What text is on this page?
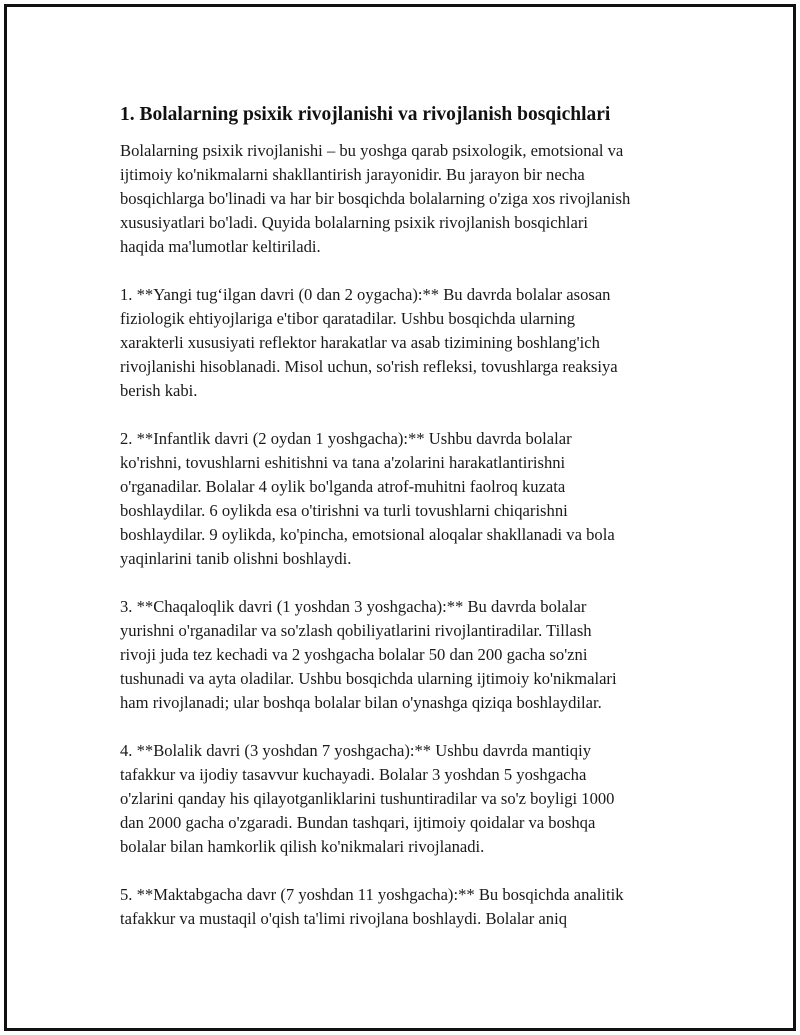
1. Bolalarning psixik rivojlanishi va rivojlanish bosqichlari

Bolalarning psixik rivojlanishi – bu yoshga qarab psixologik, emotsional va
ijtimoiy ko'nikmalarni shakllantirish jarayonidir. Bu jarayon bir necha
bosqichlarga bo'linadi va har bir bosqichda bolalarning o'ziga xos rivojlanish
xususiyatlari bo'ladi. Quyida bolalarning psixik rivojlanish bosqichlari
haqida ma'lumotlar keltiriladi.

1. **Yangi tug‘ilgan davri (0 dan 2 oygacha):** Bu davrda bolalar asosan
fiziologik ehtiyojlariga e'tibor qaratadilar. Ushbu bosqichda ularning
xarakterli xususiyati reflektor harakatlar va asab tizimining boshlang'ich
rivojlanishi hisoblanadi. Misol uchun, so'rish refleksi, tovushlarga reaksiya
berish kabi.

2. **Infantlik davri (2 oydan 1 yoshgacha):** Ushbu davrda bolalar
ko'rishni, tovushlarni eshitishni va tana a'zolarini harakatlantirishni
o'rganadilar. Bolalar 4 oylik bo'lganda atrof-muhitni faolroq kuzata
boshlaydilar. 6 oylikda esa o'tirishni va turli tovushlarni chiqarishni
boshlaydilar. 9 oylikda, ko'pincha, emotsional aloqalar shakllanadi va bola
yaqinlarini tanib olishni boshlaydi.

3. **Chaqaloqlik davri (1 yoshdan 3 yoshgacha):** Bu davrda bolalar
yurishni o'rganadilar va so'zlash qobiliyatlarini rivojlantiradilar. Tillash
rivoji juda tez kechadi va 2 yoshgacha bolalar 50 dan 200 gacha so'zni
tushunadi va ayta oladilar. Ushbu bosqichda ularning ijtimoiy ko'nikmalari
ham rivojlanadi; ular boshqa bolalar bilan o'ynashga qiziqa boshlaydilar.

4. **Bolalik davri (3 yoshdan 7 yoshgacha):** Ushbu davrda mantiqiy
tafakkur va ijodiy tasavvur kuchayadi. Bolalar 3 yoshdan 5 yoshgacha
o'zlarini qanday his qilayotganliklarini tushuntiradilar va so'z boyligi 1000
dan 2000 gacha o'zgaradi. Bundan tashqari, ijtimoiy qoidalar va boshqa
bolalar bilan hamkorlik qilish ko'nikmalari rivojlanadi.

5. **Maktabgacha davr (7 yoshdan 11 yoshgacha):** Bu bosqichda analitik
tafakkur va mustaqil o'qish ta'limi rivojlana boshlaydi. Bolalar aniq
